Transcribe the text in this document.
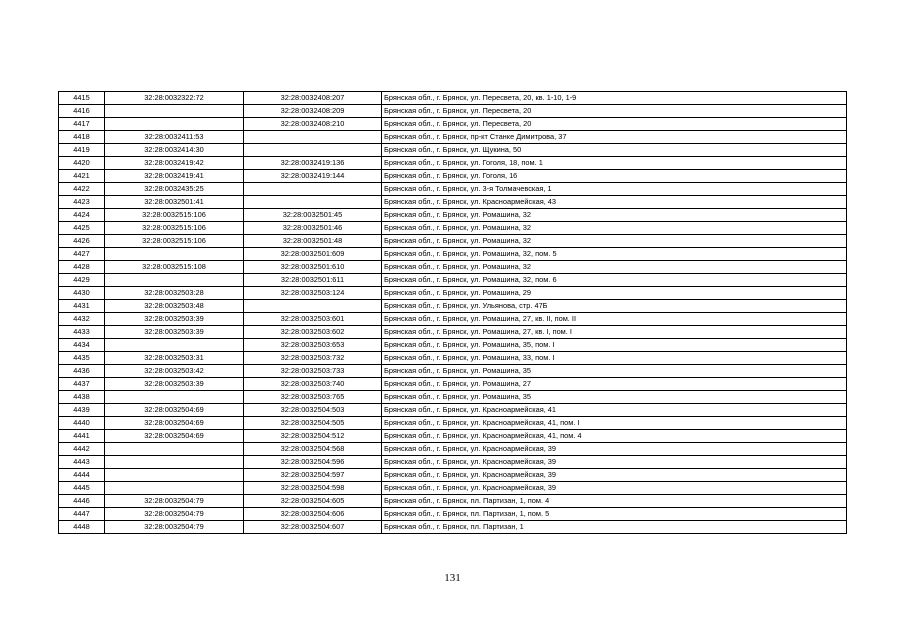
4415	32:28:0032322:72	32:28:0032408:207	Брянская обл., г. Брянск, ул. Пересвета, 20, кв. 1-10, 1-9
4416		32:28:0032408:209	Брянская обл., г. Брянск, ул. Пересвета, 20
4417		32:28:0032408:210	Брянская обл., г. Брянск, ул. Пересвета, 20
4418	32:28:0032411:53		Брянская обл., г. Брянск, пр-кт Станке Димитрова, 37
4419	32:28:0032414:30		Брянская обл., г. Брянск, ул. Щукина, 50
4420	32:28:0032419:42	32:28:0032419:136	Брянская обл., г. Брянск, ул. Гоголя, 18, пом. 1
4421	32:28:0032419:41	32:28:0032419:144	Брянская обл., г. Брянск, ул. Гоголя, 16
4422	32:28:0032435:25		Брянская обл., г. Брянск, ул. 3-я Толмачевская, 1
4423	32:28:0032501:41		Брянская обл., г. Брянск, ул. Красноармейская, 43
4424	32:28:0032515:106	32:28:0032501:45	Брянская обл., г. Брянск, ул. Ромашина, 32
4425	32:28:0032515:106	32:28:0032501:46	Брянская обл., г. Брянск, ул. Ромашина, 32
4426	32:28:0032515:106	32:28:0032501:48	Брянская обл., г. Брянск, ул. Ромашина, 32
4427		32:28:0032501:609	Брянская обл., г. Брянск, ул. Ромашина, 32, пом. 5
4428	32:28:0032515:108	32:28:0032501:610	Брянская обл., г. Брянск, ул. Ромашина, 32
4429		32:28:0032501:611	Брянская обл., г. Брянск, ул. Ромашина, 32, пом. 6
4430	32:28:0032503:28	32:28:0032503:124	Брянская обл., г. Брянск, ул. Ромашина, 29
4431	32:28:0032503:48		Брянская обл., г. Брянск, ул. Ульянова, стр. 47Б
4432	32:28:0032503:39	32:28:0032503:601	Брянская обл., г. Брянск, ул. Ромашина, 27, кв. II, пом. II
4433	32:28:0032503:39	32:28:0032503:602	Брянская обл., г. Брянск, ул. Ромашина, 27, кв. I, пом. I
4434		32:28:0032503:653	Брянская обл., г. Брянск, ул. Ромашина, 35, пом. I
4435	32:28:0032503:31	32:28:0032503:732	Брянская обл., г. Брянск, ул. Ромашина, 33, пом. I
4436	32:28:0032503:42	32:28:0032503:733	Брянская обл., г. Брянск, ул. Ромашина, 35
4437	32:28:0032503:39	32:28:0032503:740	Брянская обл., г. Брянск, ул. Ромашина, 27
4438		32:28:0032503:765	Брянская обл., г. Брянск, ул. Ромашина, 35
4439	32:28:0032504:69	32:28:0032504:503	Брянская обл., г. Брянск, ул. Красноармейская, 41
4440	32:28:0032504:69	32:28:0032504:505	Брянская обл., г. Брянск, ул. Красноармейская, 41, пом. I
4441	32:28:0032504:69	32:28:0032504:512	Брянская обл., г. Брянск, ул. Красноармейская, 41, пом. 4
4442		32:28:0032504:568	Брянская обл., г. Брянск, ул. Красноармейская, 39
4443		32:28:0032504:596	Брянская обл., г. Брянск, ул. Красноармейская, 39
4444		32:28:0032504:597	Брянская обл., г. Брянск, ул. Красноармейская, 39
4445		32:28:0032504:598	Брянская обл., г. Брянск, ул. Красноармейская, 39
4446	32:28:0032504:79	32:28:0032504:605	Брянская обл., г. Брянск, пл. Партизан, 1, пом. 4
4447	32:28:0032504:79	32:28:0032504:606	Брянская обл., г. Брянск, пл. Партизан, 1, пом. 5
4448	32:28:0032504:79	32:28:0032504:607	Брянская обл., г. Брянск, пл. Партизан, 1
131
